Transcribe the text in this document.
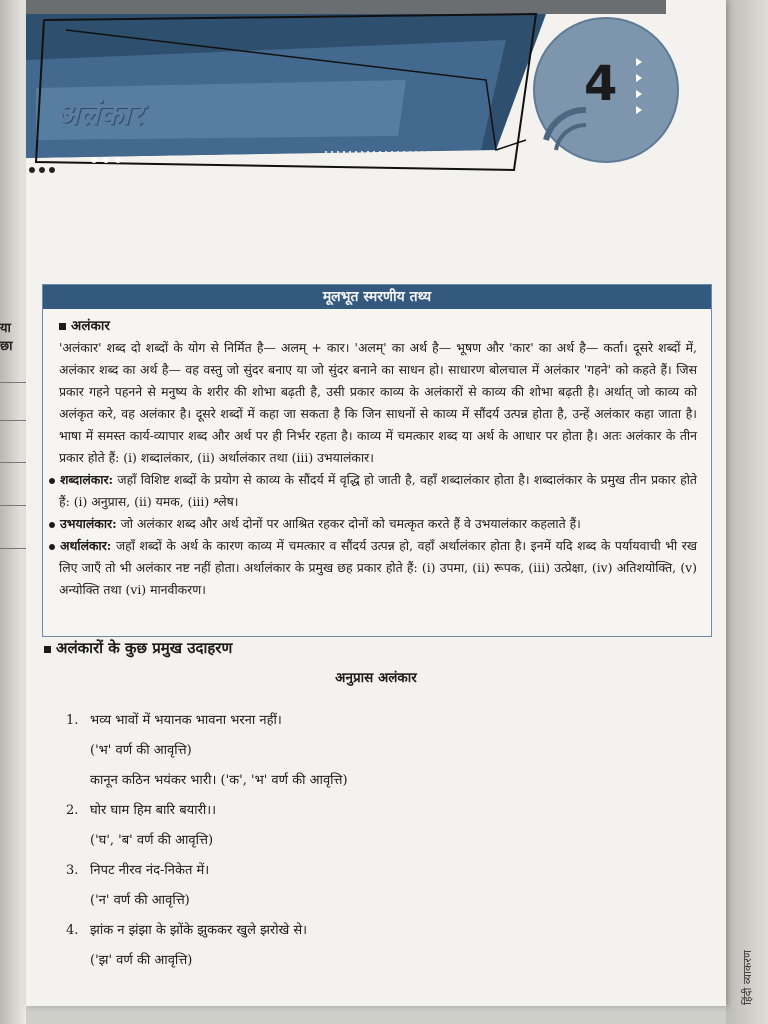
या छा
हिंदी व्याकरण
अलंकार
4
मूलभूत स्मरणीय तथ्य
अलंकार

'अलंकार' शब्द दो शब्दों के योग से निर्मित है— अलम् + कार। 'अलम्' का अर्थ है— भूषण और 'कार' का अर्थ है— कर्ता। दूसरे शब्दों में, अलंकार शब्द का अर्थ है— वह वस्तु जो सुंदर बनाए या जो सुंदर बनाने का साधन हो। साधारण बोलचाल में अलंकार 'गहने' को कहते हैं। जिस प्रकार गहने पहनने से मनुष्य के शरीर की शोभा बढ़ती है, उसी प्रकार काव्य के अलंकारों से काव्य की शोभा बढ़ती है। अर्थात् जो काव्य को अलंकृत करे, वह अलंकार है। दूसरे शब्दों में कहा जा सकता है कि जिन साधनों से काव्य में सौंदर्य उत्पन्न होता है, उन्हें अलंकार कहा जाता है। भाषा में समस्त कार्य-व्यापार शब्द और अर्थ पर ही निर्भर रहता है। काव्य में चमत्कार शब्द या अर्थ के आधार पर होता है। अतः अलंकार के तीन प्रकार होते हैं: (i) शब्दालंकार, (ii) अर्थालंकार तथा (iii) उभयालंकार।

शब्दालंकार: जहाँ विशिष्ट शब्दों के प्रयोग से काव्य के सौंदर्य में वृद्धि हो जाती है, वहाँ शब्दालंकार होता है। शब्दालंकार के प्रमुख तीन प्रकार होते हैं: (i) अनुप्रास, (ii) यमक, (iii) श्लेष।

उभयालंकार: जो अलंकार शब्द और अर्थ दोनों पर आश्रित रहकर दोनों को चमत्कृत करते हैं वे उभयालंकार कहलाते हैं।

अर्थालंकार: जहाँ शब्दों के अर्थ के कारण काव्य में चमत्कार व सौंदर्य उत्पन्न हो, वहाँ अर्थालंकार होता है। इनमें यदि शब्द के पर्यायवाची भी रख लिए जाएँ तो भी अलंकार नष्ट नहीं होता। अर्थालंकार के प्रमुख छह प्रकार होते हैं: (i) उपमा, (ii) रूपक, (iii) उत्प्रेक्षा, (iv) अतिशयोक्ति, (v) अन्योक्ति तथा (vi) मानवीकरण।

अलंकारों के कुछ प्रमुख उदाहरण
अनुप्रास अलंकार
1. भव्य भावों में भयानक भावना भरना नहीं।
('भ' वर्ण की आवृत्ति)
कानून कठिन भयंकर भारी। ('क', 'भ' वर्ण की आवृत्ति)
2. घोर घाम हिम बारि बयारी।।
('घ', 'ब' वर्ण की आवृत्ति)
3. निपट नीरव नंद-निकेत में।
('न' वर्ण की आवृत्ति)
4. झांक न झंझा के झोंके झुककर खुले झरोखे से।
('झ' वर्ण की आवृत्ति)
